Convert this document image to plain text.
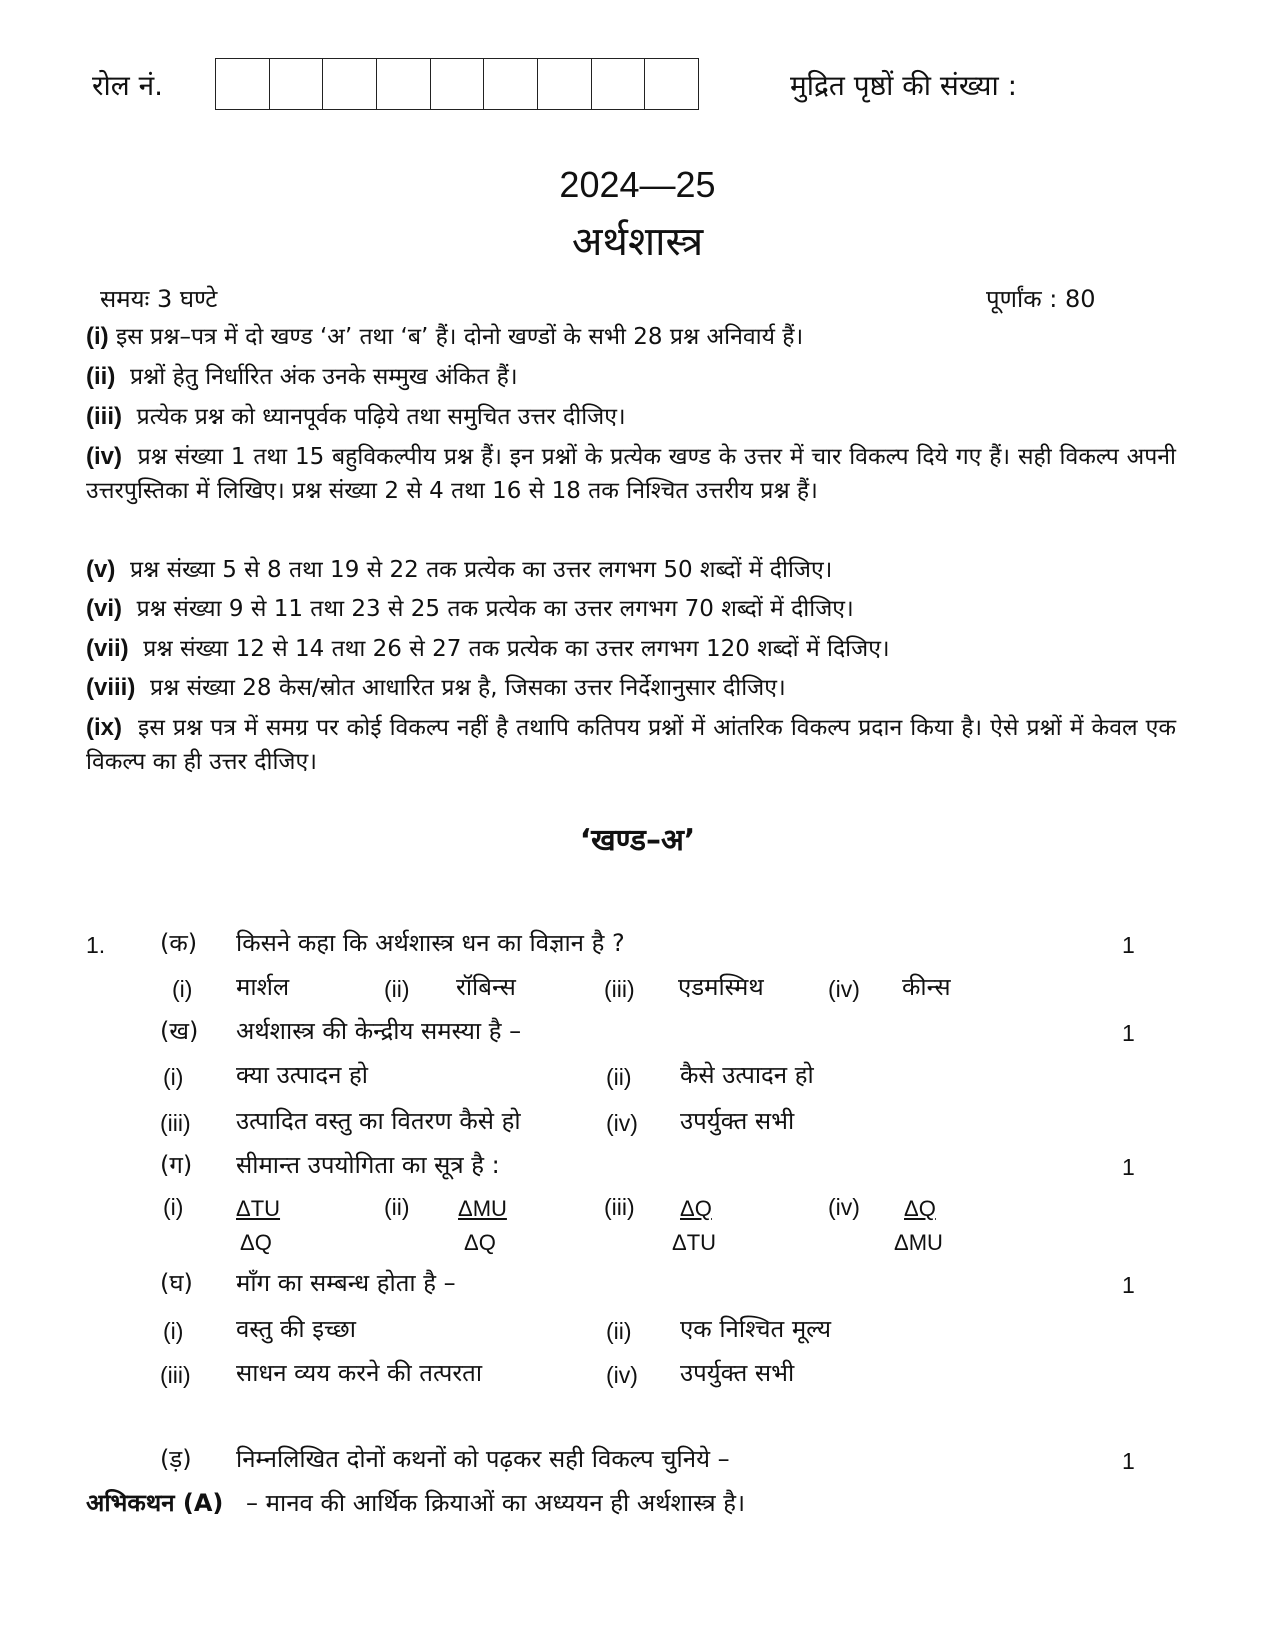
रोल नं.	मुद्रित पृष्ठों की संख्या :
2024—25
अर्थशास्त्र
समयः 3 घण्टे	पूर्णांक : 80
(i) इस प्रश्न–पत्र में दो खण्ड ‘अ’ तथा ‘ब’ हैं। दोनो खण्डों के सभी 28 प्रश्न अनिवार्य हैं।
(ii) प्रश्नों हेतु निर्धारित अंक उनके सम्मुख अंकित हैं।
(iii) प्रत्येक प्रश्न को ध्यानपूर्वक पढ़िये तथा समुचित उत्तर दीजिए।
(iv) प्रश्न संख्या 1 तथा 15 बहुविकल्पीय प्रश्न हैं। इन प्रश्नों के प्रत्येक खण्ड के उत्तर में चार विकल्प दिये गए हैं। सही विकल्प अपनी उत्तरपुस्तिका में लिखिए। प्रश्न संख्या 2 से 4 तथा 16 से 18 तक निश्चित उत्तरीय प्रश्न हैं।
(v) प्रश्न संख्या 5 से 8 तथा 19 से 22 तक प्रत्येक का उत्तर लगभग 50 शब्दों में दीजिए।
(vi) प्रश्न संख्या 9 से 11 तथा 23 से 25 तक प्रत्येक का उत्तर लगभग 70 शब्दों में दीजिए।
(vii) प्रश्न संख्या 12 से 14 तथा 26 से 27 तक प्रत्येक का उत्तर लगभग 120 शब्दों में दिजिए।
(viii) प्रश्न संख्या 28 केस/स्रोत आधारित प्रश्न है, जिसका उत्तर निर्देशानुसार दीजिए।
(ix) इस प्रश्न पत्र में समग्र पर कोई विकल्प नहीं है तथापि कतिपय प्रश्नों में आंतरिक विकल्प प्रदान किया है। ऐसे प्रश्नों में केवल एक विकल्प का ही उत्तर दीजिए।
‘खण्ड–अ’
1. (क) किसने कहा कि अर्थशास्त्र धन का विज्ञान है ?	1
(i) मार्शल	(ii) रॉबिन्स	(iii) एडमस्मिथ	(iv) कीन्स
(ख) अर्थशास्त्र की केन्द्रीय समस्या है –	1
(i) क्या उत्पादन हो	(ii) कैसे उत्पादन हो
(iii) उत्पादित वस्तु का वितरण कैसे हो	(iv) उपर्युक्त सभी
(ग) सीमान्त उपयोगिता का सूत्र है :	1
(i) ΔTU
ΔQ
(ii) ΔMU
ΔQ
(iii) ΔQ
ΔTU
(iv) ΔQ
ΔMU
(घ) माँग का सम्बन्ध होता है –	1
(i) वस्तु की इच्छा	(ii) एक निश्चित मूल्य
(iii) साधन व्यय करने की तत्परता	(iv) उपर्युक्त सभी
(ड़) निम्नलिखित दोनों कथनों को पढ़कर सही विकल्प चुनिये –	1
अभिकथन (A) – मानव की आर्थिक क्रियाओं का अध्ययन ही अर्थशास्त्र है।
